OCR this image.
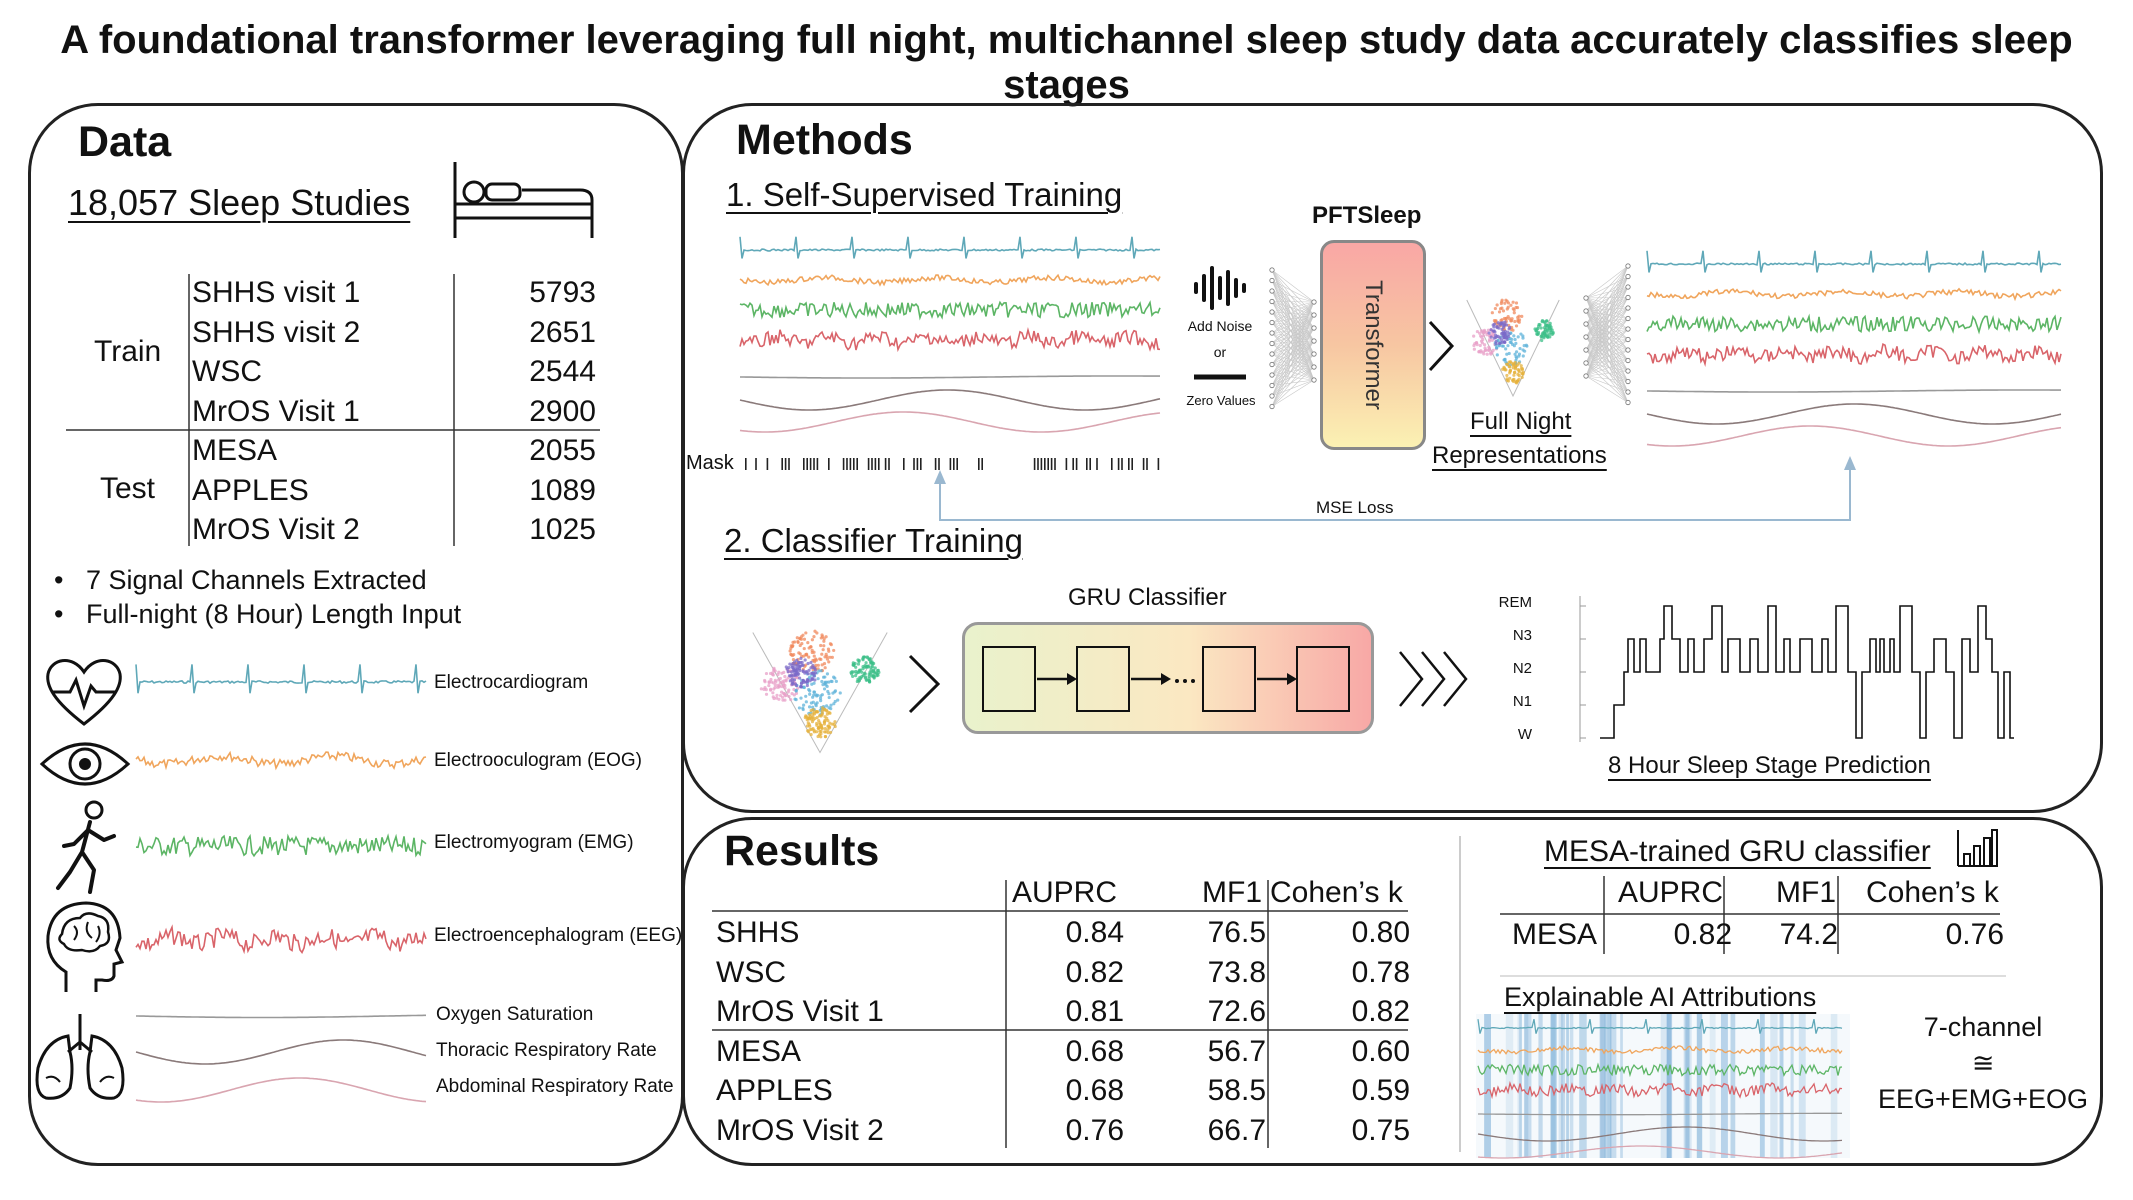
A foundational transformer leveraging full night, multichannel sleep study data accurately classifies sleep stages
Data
18,057 Sleep Studies
Train
Test
SHHS visit 1	5793
SHHS visit 2	2651
WSC	2544
MrOS Visit 1	2900
MESA	2055
APPLES	1089
MrOS Visit 2	1025
•   7 Signal Channels Extracted
•   Full-night (8 Hour) Length Input
Electrocardiogram
Electrooculogram (EOG)
Electromyogram (EMG)
Electroencephalogram (EEG)
Oxygen Saturation
Thoracic Respiratory Rate
Abdominal Respiratory Rate
Methods
1. Self-Supervised Training
Mask
Add Noise
or
Zero Values
PFTSleep
Transformer
Full Night
Representations
MSE Loss
2. Classifier Training
GRU Classifier	REM
N3
N2
N1
W
8 Hour Sleep Stage Prediction
Results
AUPRC	MF1 Cohen’s k
SHHS	0.84	76.5	0.80
WSC	0.82	73.8	0.78
MrOS Visit 1	0.81	72.6	0.82
MESA	0.68	56.7	0.60
APPLES	0.68	58.5	0.59
MrOS Visit 2	0.76	66.7	0.75
MESA-trained GRU classifier
AUPRC MF1 Cohen’s k
MESA	0.82	74.2	0.76
Explainable AI Attributions
7-channel
≅
EEG+EMG+EOG
